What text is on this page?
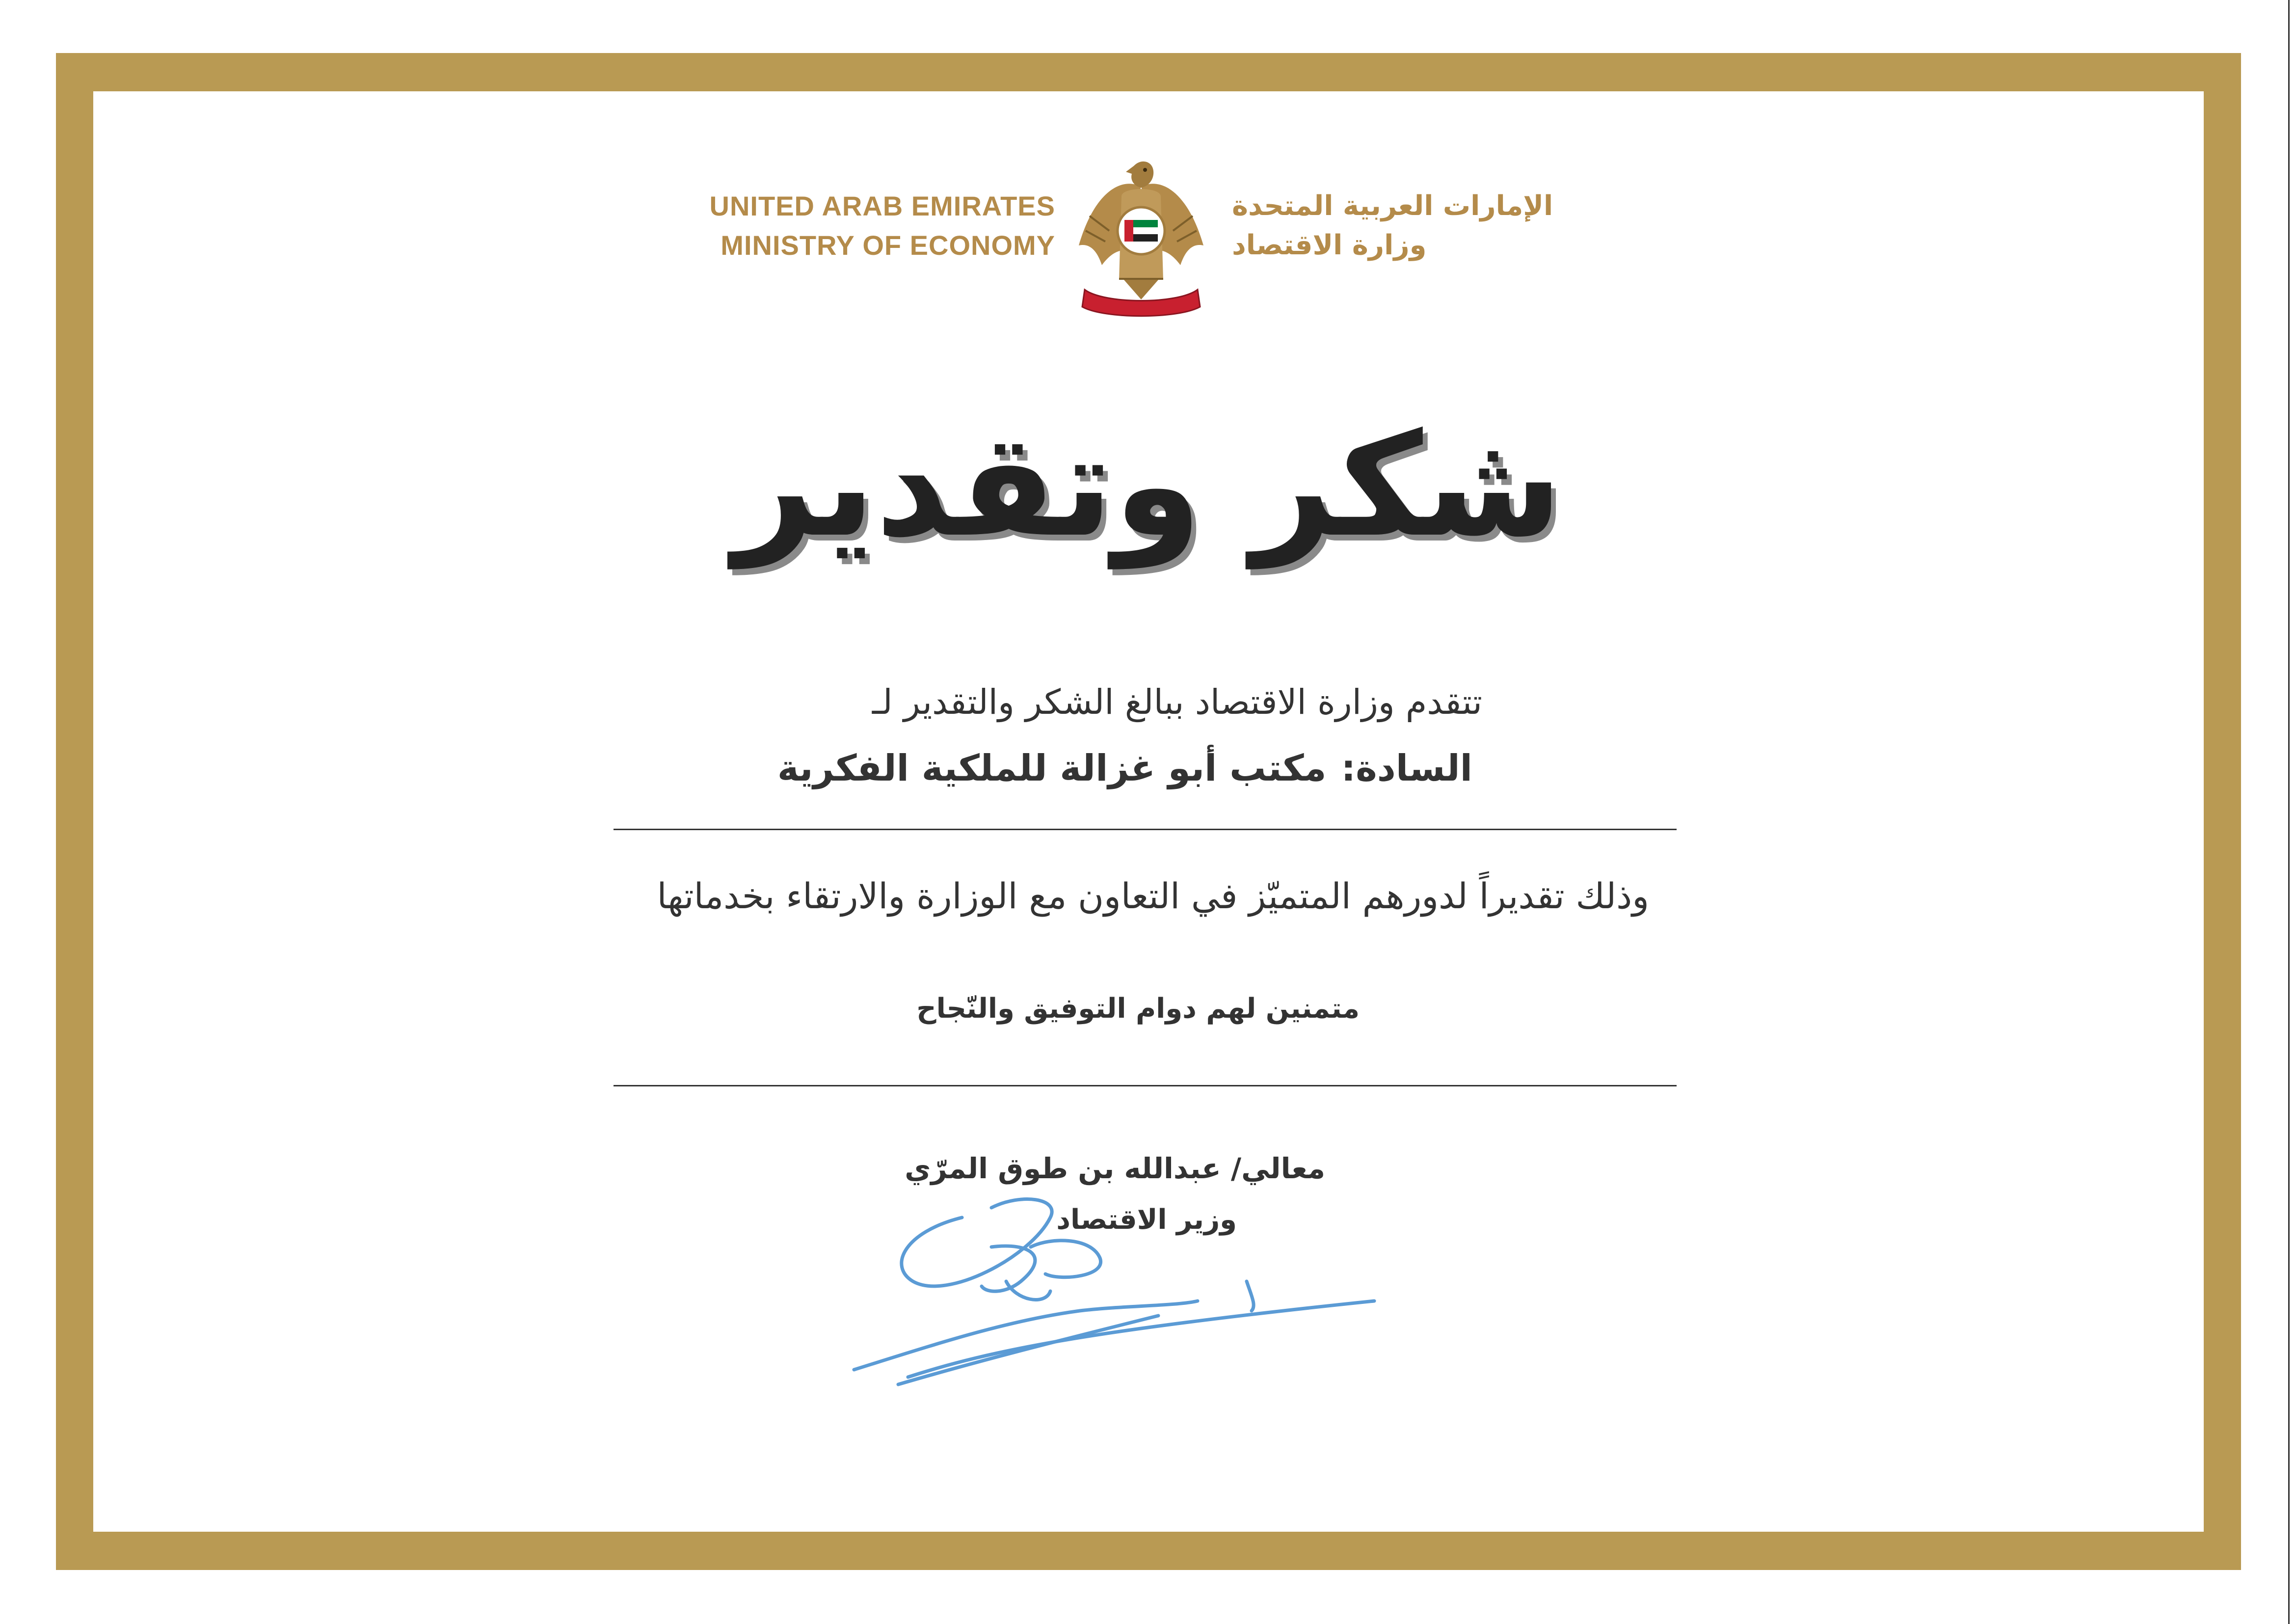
UNITED ARAB EMIRATES
MINISTRY OF ECONOMY
الإمارات العربية المتحدة
وزارة الاقتصاد
شكر وتقدير
تتقدم وزارة الاقتصاد ببالغ الشكر والتقدير لـ
السادة:مكتب أبو غزالة للملكية الفكرية
وذلك تقديراً لدورهم المتميّز في التعاون مع الوزارة والارتقاء بخدماتها
متمنين لهم دوام التوفيق والنّجاح
معالي/ عبدالله بن طوق المرّي
وزير الاقتصاد
